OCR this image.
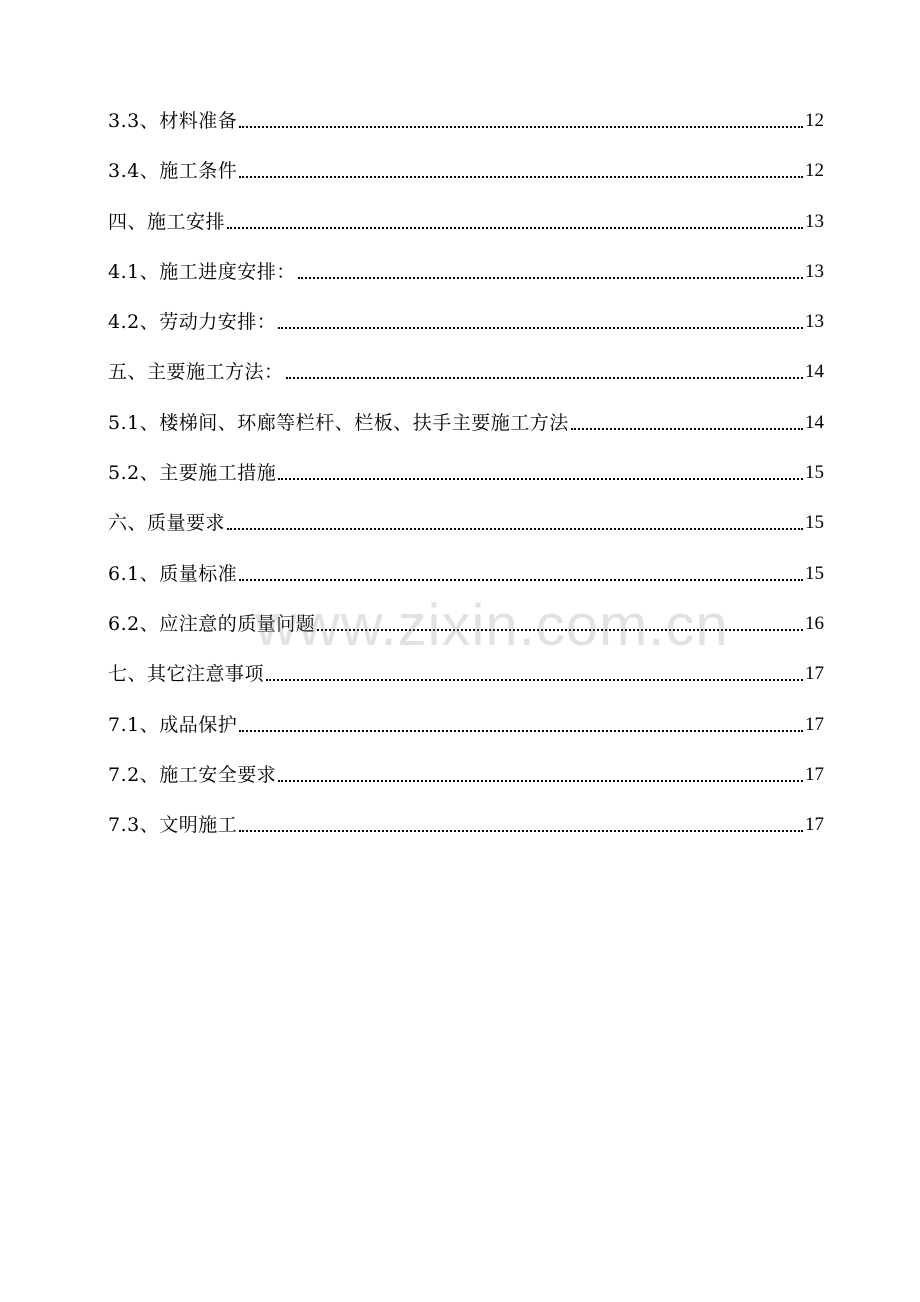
3.3、材料准备	12
3.4、施工条件	12
四、施工安排	13
4.1、施工进度安排：	13
4.2、劳动力安排：	13
五、主要施工方法：	14
5.1、楼梯间、环廊等栏杆、栏板、扶手主要施工方法	14
5.2、主要施工措施	15
六、质量要求	15
6.1、质量标准	15
6.2、应注意的质量问题	16
七、其它注意事项	17
7.1、成品保护	17
7.2、施工安全要求	17
7.3、文明施工	17
www.zixin.com.cn
